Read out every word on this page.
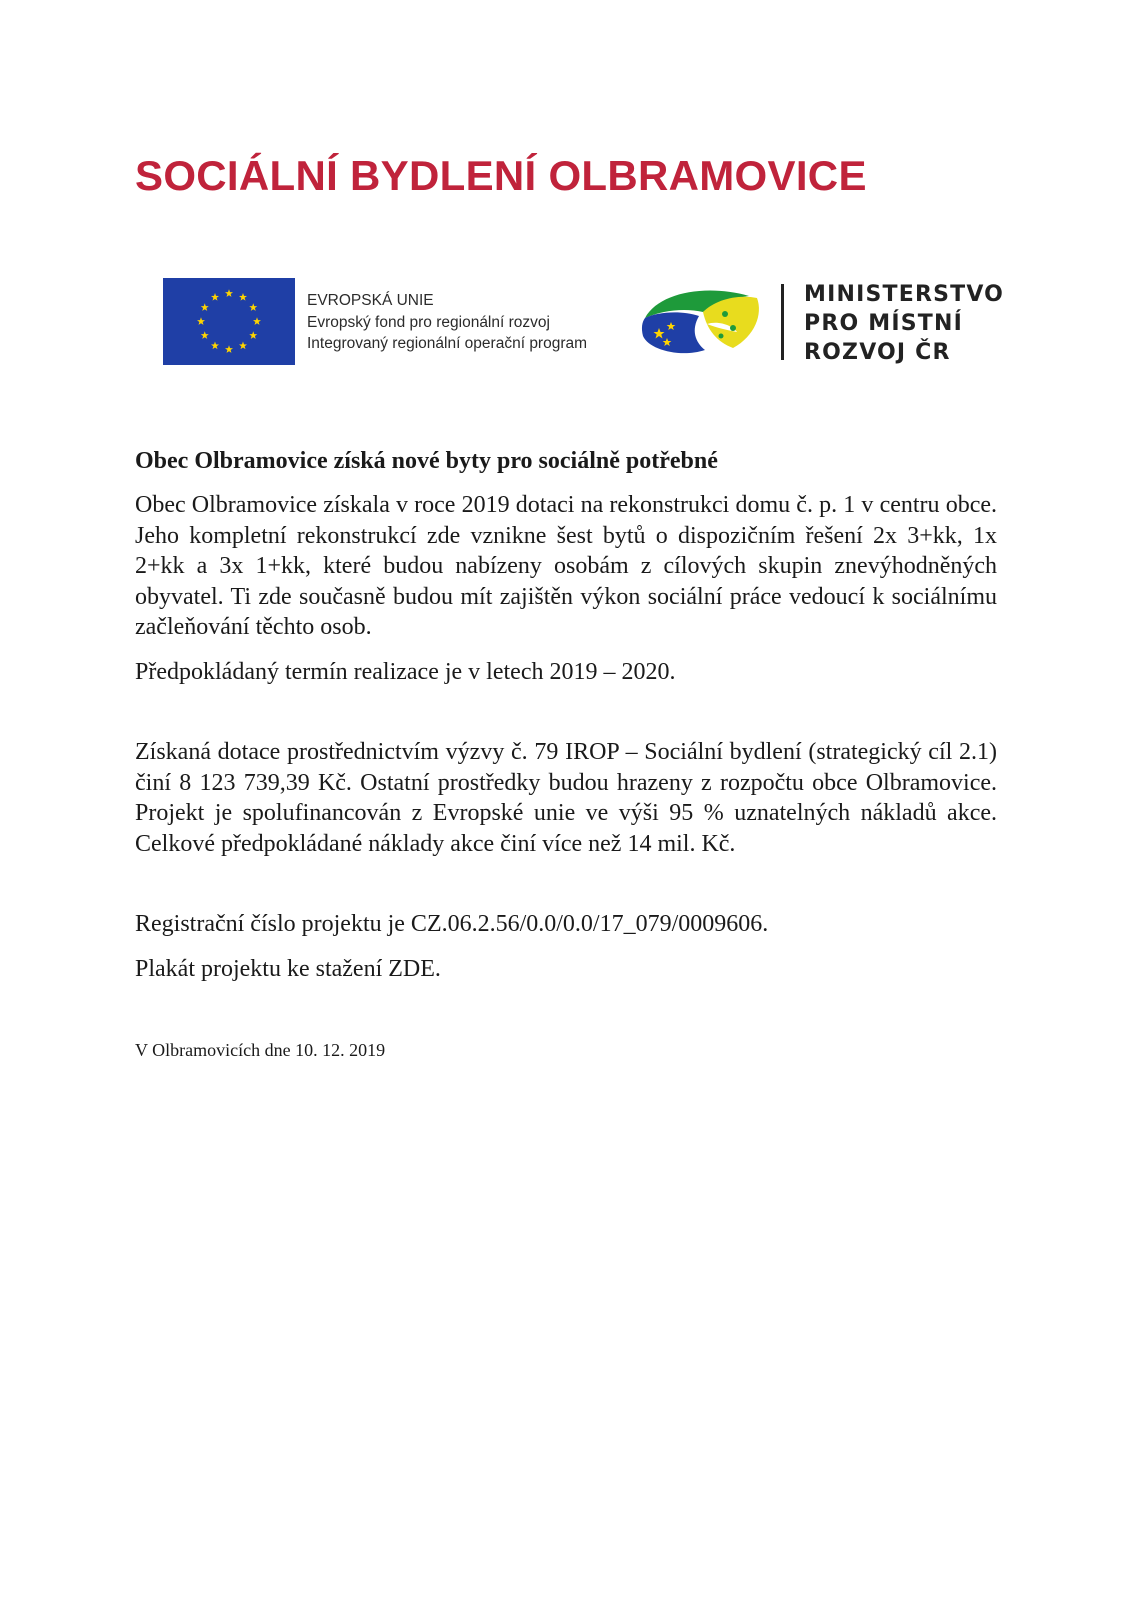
SOCIÁLNÍ BYDLENÍ OLBRAMOVICE
EVROPSKÁ UNIE
Evropský fond pro regionální rozvoj
Integrovaný regionální operační program
MINISTERSTVO
PRO MÍSTNÍ
ROZVOJ ČR

Obec Olbramovice získá nové byty pro sociálně potřebné

Obec Olbramovice získala v roce 2019 dotaci na rekonstrukci domu č. p. 1 v centru obce. Jeho kompletní rekonstrukcí zde vznikne šest bytů o dispozičním řešení 2x 3+kk, 1x 2+kk a 3x 1+kk, které budou nabízeny osobám z cílových skupin znevýhodněných obyvatel. Ti zde současně budou mít zajištěn výkon sociální práce vedoucí k sociálnímu začleňování těchto osob.

Předpokládaný termín realizace je v letech 2019 – 2020.

Získaná dotace prostřednictvím výzvy č. 79 IROP – Sociální bydlení (strategický cíl 2.1) činí 8 123 739,39 Kč. Ostatní prostředky budou hrazeny z rozpočtu obce Olbramovice. Projekt je spolufinancován z Evropské unie ve výši 95 % uznatelných nákladů akce. Celkové předpokládané náklady akce činí více než 14 mil. Kč.

Registrační číslo projektu je CZ.06.2.56/0.0/0.0/17_079/0009606.

Plakát projektu ke stažení ZDE.

V Olbramovicích dne 10. 12. 2019
